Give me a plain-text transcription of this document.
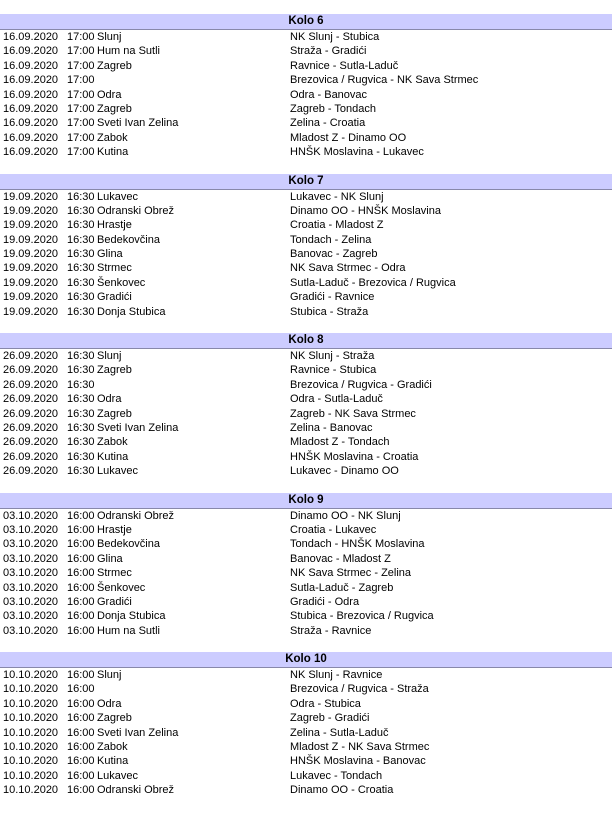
Kolo 6
16.09.2020 17:00 Slunj	NK Slunj - Stubica
16.09.2020 17:00 Hum na Sutli	Straža - Gradići
16.09.2020 17:00 Zagreb	Ravnice - Sutla-Laduč
16.09.2020 17:00	Brezovica / Rugvica - NK Sava Strmec
16.09.2020 17:00 Odra	Odra - Banovac
16.09.2020 17:00 Zagreb	Zagreb - Tondach
16.09.2020 17:00 Sveti Ivan Zelina	Zelina - Croatia
16.09.2020 17:00 Zabok	Mladost Z - Dinamo OO
16.09.2020 17:00 Kutina	HNŠK Moslavina - Lukavec
Kolo 7
19.09.2020 16:30 Lukavec	Lukavec - NK Slunj
19.09.2020 16:30 Odranski Obrež	Dinamo OO - HNŠK Moslavina
19.09.2020 16:30 Hrastje	Croatia - Mladost Z
19.09.2020 16:30 Bedekovčina	Tondach - Zelina
19.09.2020 16:30 Glina	Banovac - Zagreb
19.09.2020 16:30 Strmec	NK Sava Strmec - Odra
19.09.2020 16:30 Šenkovec	Sutla-Laduč - Brezovica / Rugvica
19.09.2020 16:30 Gradići	Gradići - Ravnice
19.09.2020 16:30 Donja Stubica	Stubica - Straža
Kolo 8
26.09.2020 16:30 Slunj	NK Slunj - Straža
26.09.2020 16:30 Zagreb	Ravnice - Stubica
26.09.2020 16:30	Brezovica / Rugvica - Gradići
26.09.2020 16:30 Odra	Odra - Sutla-Laduč
26.09.2020 16:30 Zagreb	Zagreb - NK Sava Strmec
26.09.2020 16:30 Sveti Ivan Zelina	Zelina - Banovac
26.09.2020 16:30 Zabok	Mladost Z - Tondach
26.09.2020 16:30 Kutina	HNŠK Moslavina - Croatia
26.09.2020 16:30 Lukavec	Lukavec - Dinamo OO
Kolo 9
03.10.2020 16:00 Odranski Obrež	Dinamo OO - NK Slunj
03.10.2020 16:00 Hrastje	Croatia - Lukavec
03.10.2020 16:00 Bedekovčina	Tondach - HNŠK Moslavina
03.10.2020 16:00 Glina	Banovac - Mladost Z
03.10.2020 16:00 Strmec	NK Sava Strmec - Zelina
03.10.2020 16:00 Šenkovec	Sutla-Laduč - Zagreb
03.10.2020 16:00 Gradići	Gradići - Odra
03.10.2020 16:00 Donja Stubica	Stubica - Brezovica / Rugvica
03.10.2020 16:00 Hum na Sutli	Straža - Ravnice
Kolo 10
10.10.2020 16:00 Slunj	NK Slunj - Ravnice
10.10.2020 16:00	Brezovica / Rugvica - Straža
10.10.2020 16:00 Odra	Odra - Stubica
10.10.2020 16:00 Zagreb	Zagreb - Gradići
10.10.2020 16:00 Sveti Ivan Zelina	Zelina - Sutla-Laduč
10.10.2020 16:00 Zabok	Mladost Z - NK Sava Strmec
10.10.2020 16:00 Kutina	HNŠK Moslavina - Banovac
10.10.2020 16:00 Lukavec	Lukavec - Tondach
10.10.2020 16:00 Odranski Obrež	Dinamo OO - Croatia
